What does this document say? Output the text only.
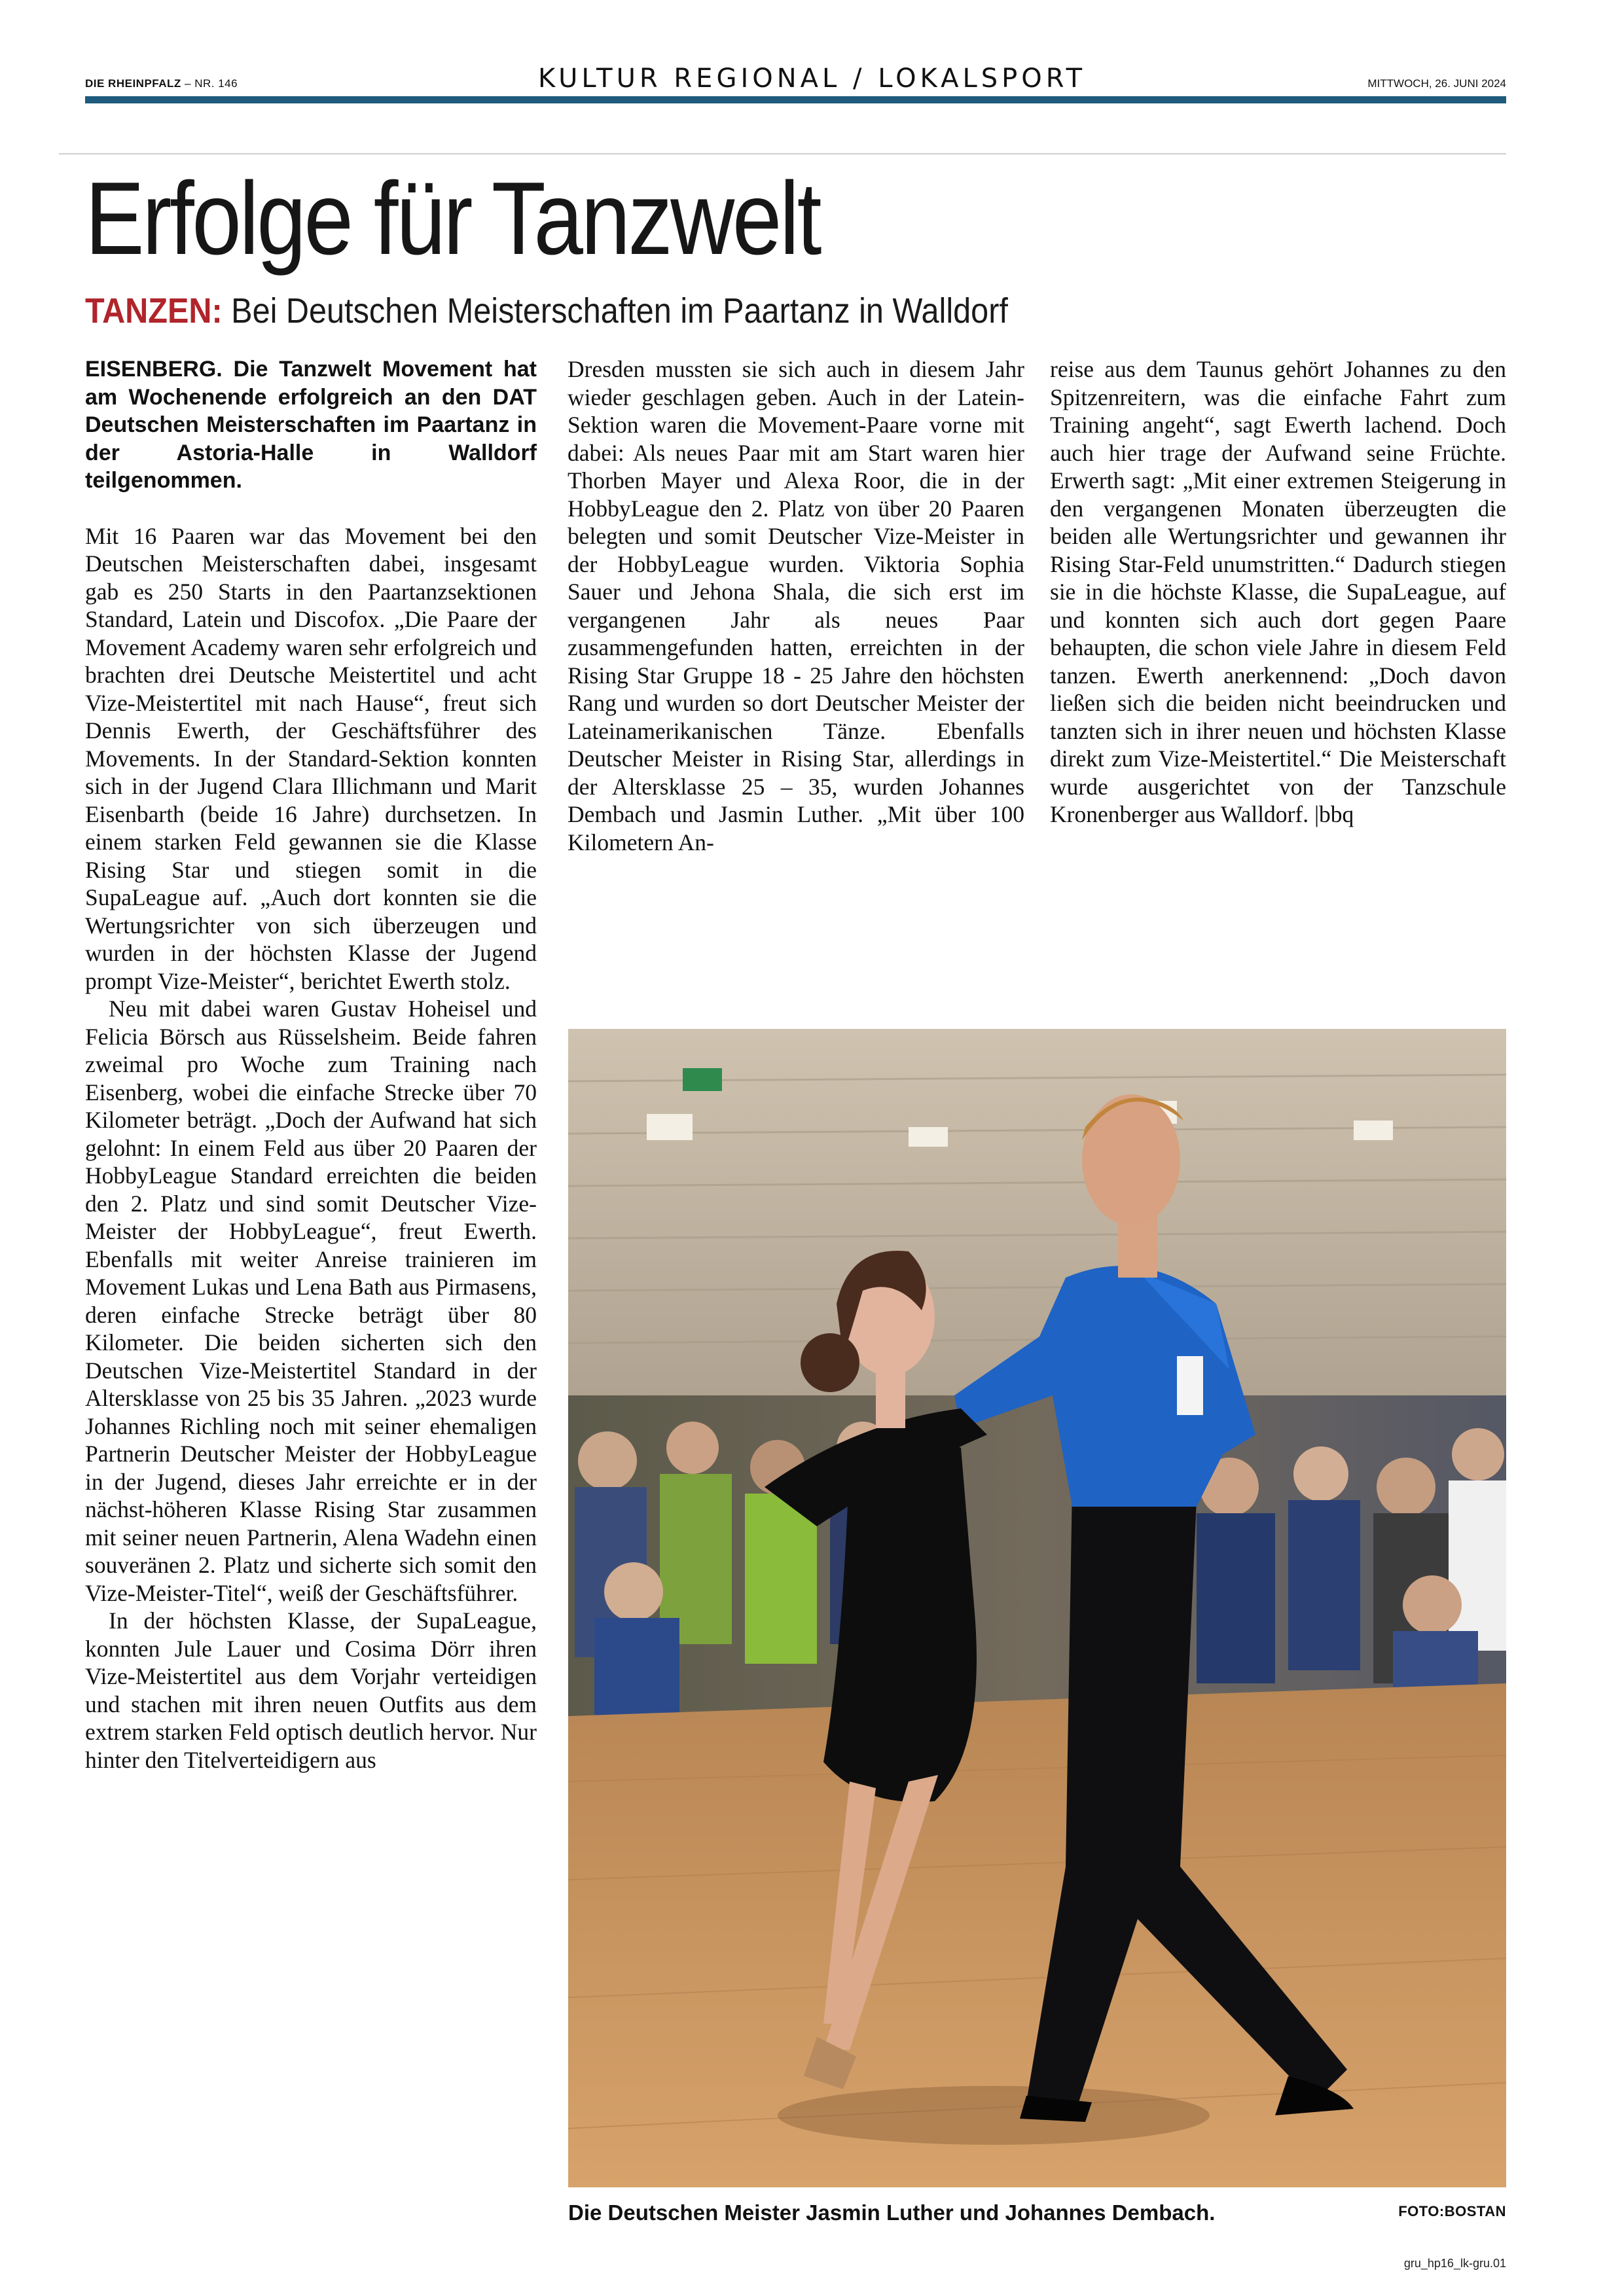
DIE RHEINPFALZ – NR. 146	KULTUR REGIONAL / LOKALSPORT	MITTWOCH, 26. JUNI 2024
Erfolge für Tanzwelt
TANZEN: Bei Deutschen Meisterschaften im Paartanz in Walldorf

EISENBERG. Die Tanzwelt Movement hat am Wochenende erfolgreich an den DAT Deutschen Meisterschaften im Paartanz in der Astoria-Halle in Walldorf teilgenommen.

Mit 16 Paaren war das Movement bei den Deutschen Meisterschaften dabei, insgesamt gab es 250 Starts in den Paartanzsektionen Standard, Latein und Discofox. „Die Paare der Movement Academy waren sehr erfolgreich und brachten drei Deutsche Meistertitel und acht Vize-Meistertitel mit nach Hause“, freut sich Dennis Ewerth, der Geschäftsführer des Movements. In der Standard-Sektion konnten sich in der Jugend Clara Illichmann und Marit Eisenbarth (beide 16 Jahre) durchsetzen. In einem starken Feld gewannen sie die Klasse Rising Star und stiegen somit in die SupaLeague auf. „Auch dort konnten sie die Wertungsrichter von sich überzeugen und wurden in der höchsten Klasse der Jugend prompt Vize-Meister“, berichtet Ewerth stolz.

Neu mit dabei waren Gustav Hoheisel und Felicia Börsch aus Rüsselsheim. Beide fahren zweimal pro Woche zum Training nach Eisenberg, wobei die einfache Strecke über 70 Kilometer beträgt. „Doch der Aufwand hat sich gelohnt: In einem Feld aus über 20 Paaren der HobbyLeague Standard erreichten die beiden den 2. Platz und sind somit Deutscher Vize-Meister der HobbyLeague“, freut Ewerth. Ebenfalls mit weiter Anreise trainieren im Movement Lukas und Lena Bath aus Pirmasens, deren einfache Strecke beträgt über 80 Kilometer. Die beiden sicherten sich den Deutschen Vize-Meistertitel Standard in der Altersklasse von 25 bis 35 Jahren. „2023 wurde Johannes Richling noch mit seiner ehemaligen Partnerin Deutscher Meister der HobbyLeague in der Jugend, dieses Jahr erreichte er in der nächst-höheren Klasse Rising Star zusammen mit seiner neuen Partnerin, Alena Wadehn einen souveränen 2. Platz und sicherte sich somit den Vize-Meister-Titel“, weiß der Geschäftsführer.

In der höchsten Klasse, der SupaLeague, konnten Jule Lauer und Cosima Dörr ihren Vize-Meistertitel aus dem Vorjahr verteidigen und stachen mit ihren neuen Outfits aus dem extrem starken Feld optisch deutlich hervor. Nur hinter den Titelverteidigern aus

Dresden mussten sie sich auch in diesem Jahr wieder geschlagen geben. Auch in der Latein-Sektion waren die Movement-Paare vorne mit dabei: Als neues Paar mit am Start waren hier Thorben Mayer und Alexa Roor, die in der HobbyLeague den 2. Platz von über 20 Paaren belegten und somit Deutscher Vize-Meister in der HobbyLeague wurden. Viktoria Sophia Sauer und Jehona Shala, die sich erst im vergangenen Jahr als neues Paar zusammengefunden hatten, erreichten in der Rising Star Gruppe 18 - 25 Jahre den höchsten Rang und wurden so dort Deutscher Meister der Lateinamerikanischen Tänze. Ebenfalls Deutscher Meister in Rising Star, allerdings in der Altersklasse 25 – 35, wurden Johannes Dembach und Jasmin Luther. „Mit über 100 Kilometern An-

reise aus dem Taunus gehört Johannes zu den Spitzenreitern, was die einfache Fahrt zum Training angeht“, sagt Ewerth lachend. Doch auch hier trage der Aufwand seine Früchte. Erwerth sagt: „Mit einer extremen Steigerung in den vergangenen Monaten überzeugten die beiden alle Wertungsrichter und gewannen ihr Rising Star-Feld unumstritten.“ Dadurch stiegen sie in die höchste Klasse, die SupaLeague, auf und konnten sich auch dort gegen Paare behaupten, die schon viele Jahre in diesem Feld tanzen. Ewerth anerkennend: „Doch davon ließen sich die beiden nicht beeindrucken und tanzten sich in ihrer neuen und höchsten Klasse direkt zum Vize-Meistertitel.“ Die Meisterschaft wurde ausgerichtet von der Tanzschule Kronenberger aus Walldorf. |bbq

Die Deutschen Meister Jasmin Luther und Johannes Dembach.	FOTO:BOSTAN
gru_hp16_lk-gru.01
